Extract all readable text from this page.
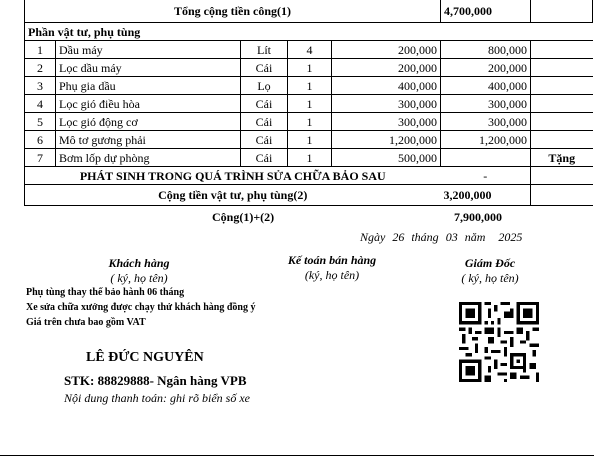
Tổng cộng tiền công(1)					4,700,000	
Phần vật tư, phụ tùng						
1	Dầu máy	Lít	4	200,000	800,000	
2	Lọc dầu máy	Cái	1	200,000	200,000	
3	Phụ gia dầu	Lọ	1	400,000	400,000	
4	Lọc gió điều hòa	Cái	1	300,000	300,000	
5	Lọc gió động cơ	Cái	1	300,000	300,000	
6	Mô tơ gương phải	Cái	1	1,200,000	1,200,000	
7	Bơm lốp dự phòng	Cái	1	500,000		Tặng
PHÁT SINH TRONG QUÁ TRÌNH SỬA CHỮA BẢO SAU					-	
Cộng tiền vật tư, phụ tùng(2)					3,200,000	
Cộng(1)+(2)	7,900,000
Ngày 26 tháng 03 năm 2025
Khách hàng
( ký, họ tên)
Kế toán bán hàng
(ký, họ tên)
Giám Đốc
( ký, họ tên)
Phụ tùng thay thế bảo hành 06 tháng
Xe sửa chữa xưởng được chạy thử khách hàng đồng ý
Giá trên chưa bao gồm VAT
LÊ ĐỨC NGUYÊN
STK: 88829888- Ngân hàng VPB
Nội dung thanh toán: ghi rõ biển số xe
